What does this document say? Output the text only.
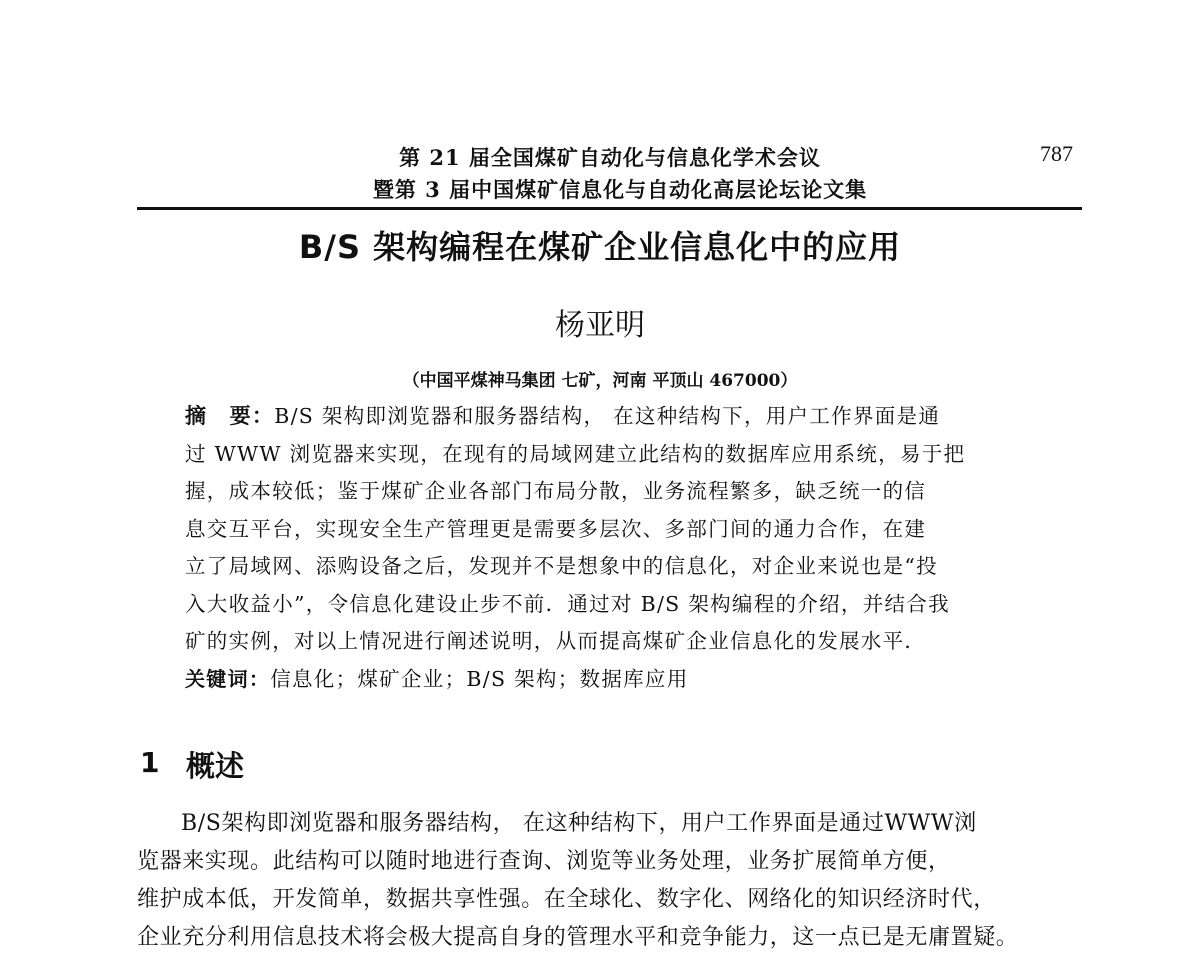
第 21 届全国煤矿自动化与信息化学术会议
暨第 3 届中国煤矿信息化与自动化高层论坛论文集
787
B/S 架构编程在煤矿企业信息化中的应用
杨亚明
（中国平煤神马集团 七矿，河南 平顶山 467000）

摘　要：B/S 架构即浏览器和服务器结构， 在这种结构下，用户工作界面是通

过 WWW 浏览器来实现，在现有的局域网建立此结构的数据库应用系统，易于把

握，成本较低；鉴于煤矿企业各部门布局分散，业务流程繁多，缺乏统一的信

息交互平台，实现安全生产管理更是需要多层次、多部门间的通力合作，在建

立了局域网、添购设备之后，发现并不是想象中的信息化，对企业来说也是“投

入大收益小”，令信息化建设止步不前．通过对 B/S 架构编程的介绍，并结合我

矿的实例，对以上情况进行阐述说明，从而提高煤矿企业信息化的发展水平．

关键词：信息化；煤矿企业；B/S 架构；数据库应用

1 概述

B/S架构即浏览器和服务器结构， 在这种结构下，用户工作界面是通过WWW浏

览器来实现。此结构可以随时地进行查询、浏览等业务处理，业务扩展简单方便，

维护成本低，开发简单，数据共享性强。在全球化、数字化、网络化的知识经济时代，

企业充分利用信息技术将会极大提高自身的管理水平和竞争能力，这一点已是无庸置疑。
